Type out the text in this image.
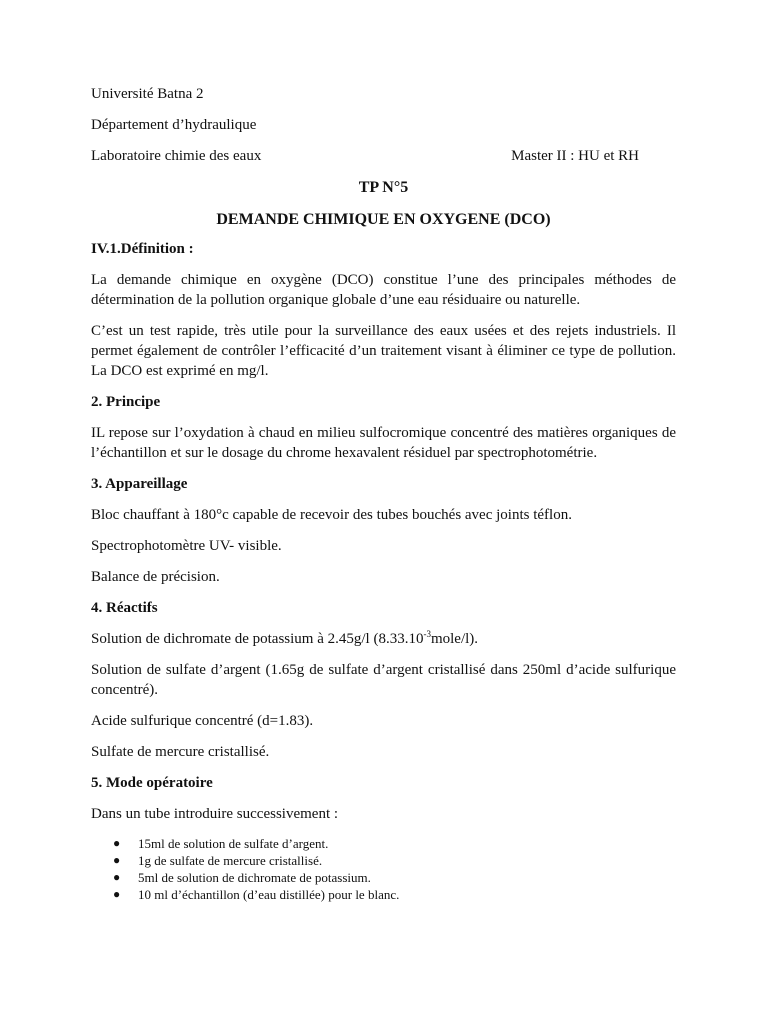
Université Batna 2

Département d’hydraulique

Laboratoire chimie des eaux	Master II : HU et RH

TP N°5

DEMANDE CHIMIQUE EN OXYGENE (DCO)

IV.1.Définition :

La demande chimique en oxygène (DCO) constitue l’une des principales méthodes de détermination de la pollution organique globale d’une eau résiduaire ou naturelle.

C’est un test rapide, très utile pour la surveillance des eaux usées et des rejets industriels. Il permet également de contrôler l’efficacité d’un traitement visant à éliminer ce type de pollution. La DCO est exprimé en mg/l.

2. Principe

IL repose sur l’oxydation à chaud en milieu sulfocromique concentré des matières organiques de l’échantillon et sur le dosage du chrome hexavalent résiduel par spectrophotométrie.

3. Appareillage

Bloc chauffant à 180°c capable de recevoir des tubes bouchés avec joints téflon.

Spectrophotomètre UV- visible.

Balance de précision.

4. Réactifs

Solution de dichromate de potassium à 2.45g/l $(8.33.10^{-3}mole/l)$.

Solution de sulfate d’argent (1.65g de sulfate d’argent cristallisé dans 250ml d’acide sulfurique concentré).

Acide sulfurique concentré (d=1.83).

Sulfate de mercure cristallisé.

5. Mode opératoire

Dans un tube introduire successivement :

● 15ml de solution de sulfate d’argent.
● 1g de sulfate de mercure cristallisé.
● 5ml de solution de dichromate de potassium.
● 10 ml d’échantillon (d’eau distillée) pour le blanc.
